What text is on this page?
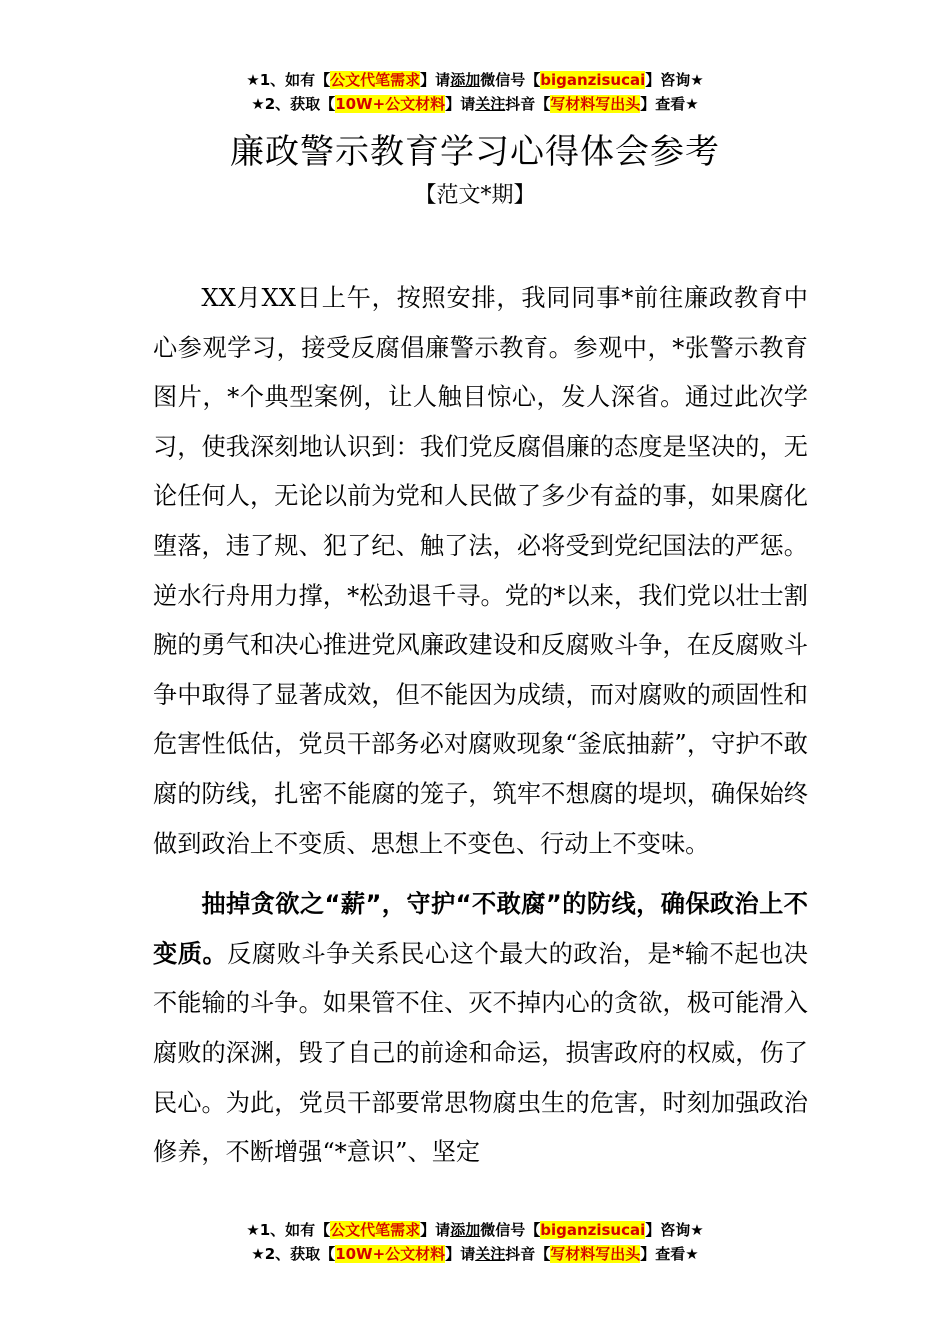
★1、如有【公文代笔需求】请添加微信号【biganzisucai】咨询★
★2、获取【10W+公文材料】请关注抖音【写材料写出头】查看★
廉政警示教育学习心得体会参考
【范文*期】

XX月XX日上午，按照安排，我同同事*前往廉政教育中心参观学习，接受反腐倡廉警示教育。参观中，*张警示教育图片，*个典型案例，让人触目惊心，发人深省。通过此次学习，使我深刻地认识到：我们党反腐倡廉的态度是坚决的，无论任何人，无论以前为党和人民做了多少有益的事，如果腐化堕落，违了规、犯了纪、触了法，必将受到党纪国法的严惩。逆水行舟用力撑，*松劲退千寻。党的*以来，我们党以壮士割腕的勇气和决心推进党风廉政建设和反腐败斗争，在反腐败斗争中取得了显著成效，但不能因为成绩，而对腐败的顽固性和危害性低估，党员干部务必对腐败现象“釜底抽薪”，守护不敢腐的防线，扎密不能腐的笼子，筑牢不想腐的堤坝，确保始终做到政治上不变质、思想上不变色、行动上不变味。

抽掉贪欲之“薪”，守护“不敢腐”的防线，确保政治上不变质。反腐败斗争关系民心这个最大的政治，是*输不起也决不能输的斗争。如果管不住、灭不掉内心的贪欲，极可能滑入腐败的深渊，毁了自己的前途和命运，损害政府的权威，伤了民心。为此，党员干部要常思物腐虫生的危害，时刻加强政治修养，不断增强“*意识”、坚定

★1、如有【公文代笔需求】请添加微信号【biganzisucai】咨询★
★2、获取【10W+公文材料】请关注抖音【写材料写出头】查看★
